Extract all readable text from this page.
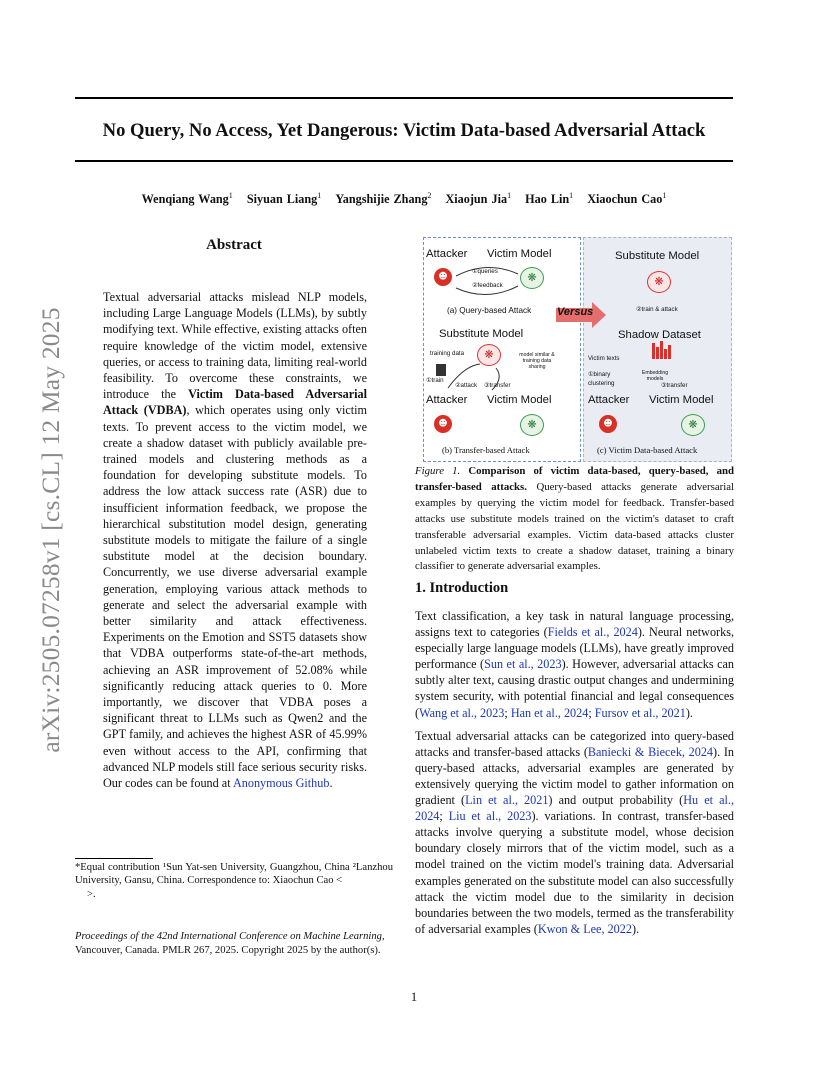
arXiv:2505.07258v1 [cs.CL] 12 May 2025
No Query, No Access, Yet Dangerous: Victim Data-based Adversarial Attack
Wenqiang Wang$^1$ Siyuan Liang$^1$ Yangshijie Zhang$^2$ Xiaojun Jia$^1$ Hao Lin$^1$ Xiaochun Cao$^1$
Abstract
Textual adversarial attacks mislead NLP models, including Large Language Models (LLMs), by subtly modifying text. While effective, existing attacks often require knowledge of the victim model, extensive queries, or access to training data, limiting real-world feasibility. To overcome these constraints, we introduce the Victim Data-based Adversarial Attack (VDBA), which operates using only victim texts. To prevent access to the victim model, we create a shadow dataset with publicly available pre-trained models and clustering methods as a foundation for developing substitute models. To address the low attack success rate (ASR) due to insufficient information feedback, we propose the hierarchical substitution model design, generating substitute models to mitigate the failure of a single substitute model at the decision boundary. Concurrently, we use diverse adversarial example generation, employing various attack methods to generate and select the adversarial example with better similarity and attack effectiveness. Experiments on the Emotion and SST5 datasets show that VDBA outperforms state-of-the-art methods, achieving an ASR improvement of 52.08% while significantly reducing attack queries to 0. More importantly, we discover that VDBA poses a significant threat to LLMs such as Qwen2 and the GPT family, and achieves the highest ASR of 45.99% even without access to the API, confirming that advanced NLP models still face serious security risks. Our codes can be found at Anonymous Github.
*Equal contribution ¹Sun Yat-sen University, Guangzhou, China ²Lanzhou University, Gansu, China. Correspondence to: Xiaochun Cao <
>.
Proceedings of the 42nd International Conference on Machine Learning, Vancouver, Canada. PMLR 267, 2025. Copyright 2025 by the author(s).
Attacker Victim Model
☻	❋
①queries
②feedback
(a) Query-based Attack Versus
Substitute Model
training data	❋	model similar & training data sharing
①train
②attack ③transfer
Attacker Victim Model
☻	❋
(b) Transfer-based Attack
Substitute Model
❋
②train & attack
Shadow Dataset
Victim texts
①binary clustering
Embedding models
③transfer
Attacker Victim Model
☻	❋
(c) Victim Data-based Attack
Figure 1. Comparison of victim data-based, query-based, and transfer-based attacks. Query-based attacks generate adversarial examples by querying the victim model for feedback. Transfer-based attacks use substitute models trained on the victim's dataset to craft transferable adversarial examples. Victim data-based attacks cluster unlabeled victim texts to create a shadow dataset, training a binary classifier to generate adversarial examples.
1. Introduction

Text classification, a key task in natural language processing, assigns text to categories (Fields et al., 2024). Neural networks, especially large language models (LLMs), have greatly improved performance (Sun et al., 2023). However, adversarial attacks can subtly alter text, causing drastic output changes and undermining system security, with potential financial and legal consequences (Wang et al., 2023; Han et al., 2024; Fursov et al., 2021).

Textual adversarial attacks can be categorized into query-based attacks and transfer-based attacks (Baniecki & Biecek, 2024). In query-based attacks, adversarial examples are generated by extensively querying the victim model to gather information on gradient (Lin et al., 2021) and output probability (Hu et al., 2024; Liu et al., 2023). variations. In contrast, transfer-based attacks involve querying a substitute model, whose decision boundary closely mirrors that of the victim model, such as a model trained on the victim model's training data. Adversarial examples generated on the substitute model can also successfully attack the victim model due to the similarity in decision boundaries between the two models, termed as the transferability of adversarial examples (Kwon & Lee, 2022).

1
